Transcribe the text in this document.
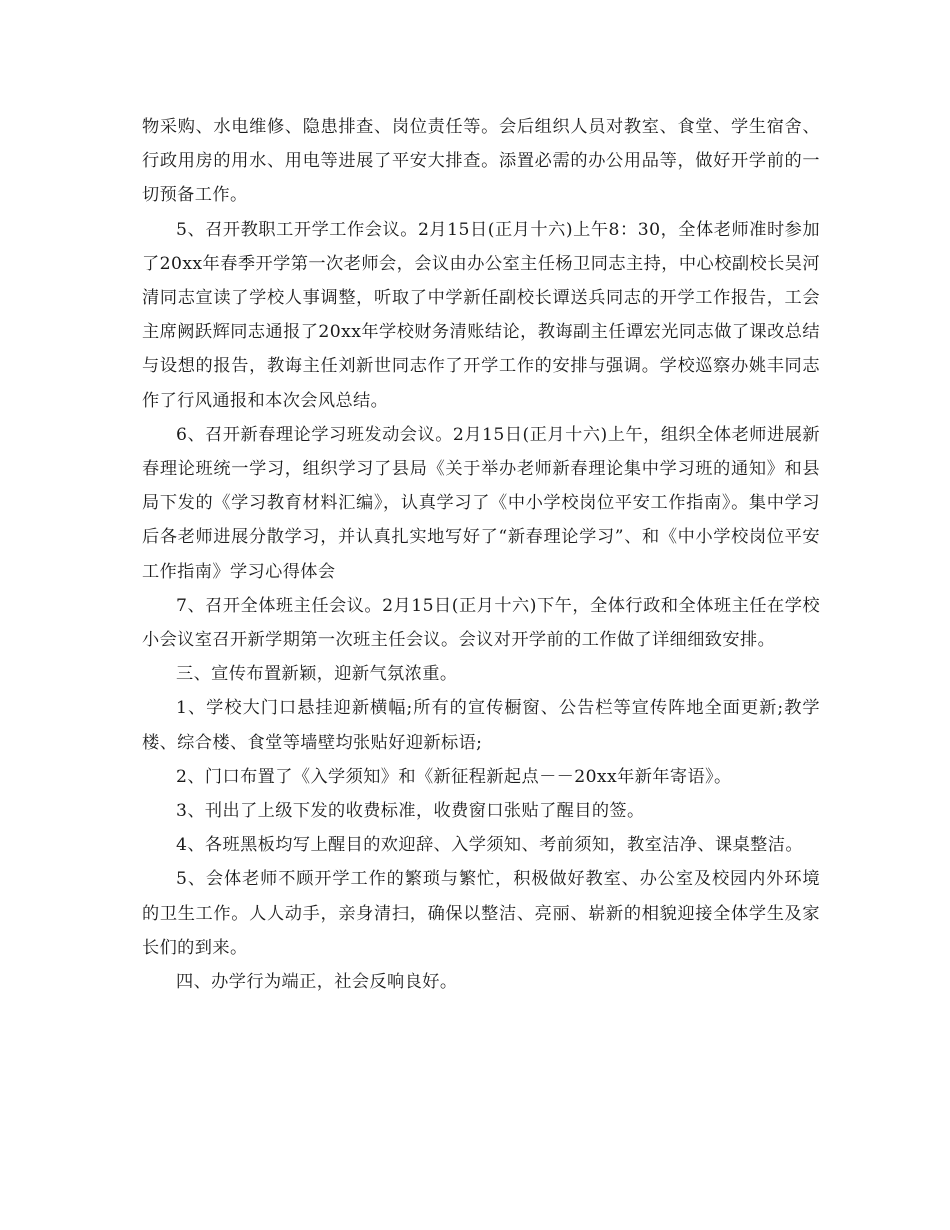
物采购、水电维修、隐患排查、岗位责任等。会后组织人员对教室、食堂、学生宿舍、行政用房的用水、用电等进展了平安大排查。添置必需的办公用品等，做好开学前的一切预备工作。

5、召开教职工开学工作会议。2月15日(正月十六)上午8：30，全体老师准时参加了20xx年春季开学第一次老师会，会议由办公室主任杨卫同志主持，中心校副校长吴河清同志宣读了学校人事调整，听取了中学新任副校长谭送兵同志的开学工作报告，工会主席阙跃辉同志通报了20xx年学校财务清账结论，教诲副主任谭宏光同志做了课改总结与设想的报告，教诲主任刘新世同志作了开学工作的安排与强调。学校巡察办姚丰同志作了行风通报和本次会风总结。

6、召开新春理论学习班发动会议。2月15日(正月十六)上午，组织全体老师进展新春理论班统一学习，组织学习了县局《关于举办老师新春理论集中学习班的通知》和县局下发的《学习教育材料汇编》，认真学习了《中小学校岗位平安工作指南》。集中学习后各老师进展分散学习，并认真扎实地写好了“新春理论学习”、和《中小学校岗位平安工作指南》学习心得体会

7、召开全体班主任会议。2月15日(正月十六)下午，全体行政和全体班主任在学校小会议室召开新学期第一次班主任会议。会议对开学前的工作做了详细细致安排。

三、宣传布置新颖，迎新气氛浓重。

1、学校大门口悬挂迎新横幅;所有的宣传橱窗、公告栏等宣传阵地全面更新;教学楼、综合楼、食堂等墙壁均张贴好迎新标语;

2、门口布置了《入学须知》和《新征程新起点－－20xx年新年寄语》。

3、刊出了上级下发的收费标准，收费窗口张贴了醒目的签。

4、各班黑板均写上醒目的欢迎辞、入学须知、考前须知，教室洁净、课桌整洁。

5、会体老师不顾开学工作的繁琐与繁忙，积极做好教室、办公室及校园内外环境的卫生工作。人人动手，亲身清扫，确保以整洁、亮丽、崭新的相貌迎接全体学生及家长们的到来。

四、办学行为端正，社会反响良好。
